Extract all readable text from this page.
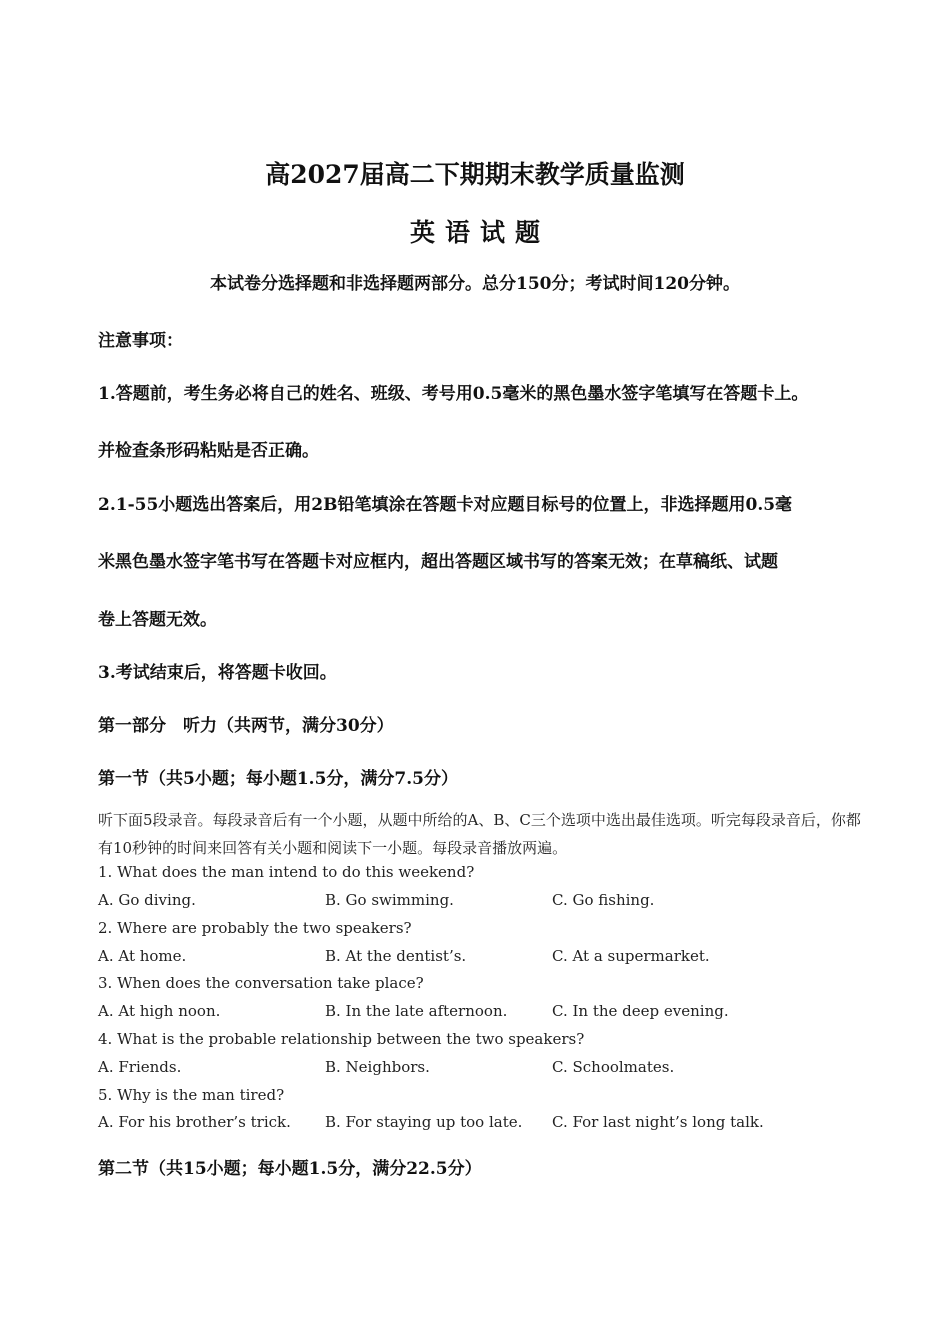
高2027届高二下期期末教学质量监测
英语试题
本试卷分选择题和非选择题两部分。总分150分；考试时间120分钟。
注意事项：
1.答题前，考生务必将自己的姓名、班级、考号用0.5毫米的黑色墨水签字笔填写在答题卡上。
并检查条形码粘贴是否正确。
2.1-55小题选出答案后，用2B铅笔填涂在答题卡对应题目标号的位置上，非选择题用0.5毫
米黑色墨水签字笔书写在答题卡对应框内，超出答题区域书写的答案无效；在草稿纸、试题
卷上答题无效。
3.考试结束后，将答题卡收回。
第一部分　听力（共两节，满分30分）
第一节（共5小题；每小题1.5分，满分7.5分）
听下面5段录音。每段录音后有一个小题，从题中所给的A、B、C三个选项中选出最佳选项。听完每段录音后，你都有10秒钟的时间来回答有关小题和阅读下一小题。每段录音播放两遍。
1. What does the man intend to do this weekend?
A. Go diving.	B. Go swimming.	C. Go fishing.
2. Where are probably the two speakers?
A. At home.	B. At the dentist’s.	C. At a supermarket.
3. When does the conversation take place?
A. At high noon.	B. In the late afternoon.	C. In the deep evening.
4. What is the probable relationship between the two speakers?
A. Friends.	B. Neighbors.	C. Schoolmates.
5. Why is the man tired?
A. For his brother’s trick. B. For staying up too late. C. For last night’s long talk.
第二节（共15小题；每小题1.5分，满分22.5分）
